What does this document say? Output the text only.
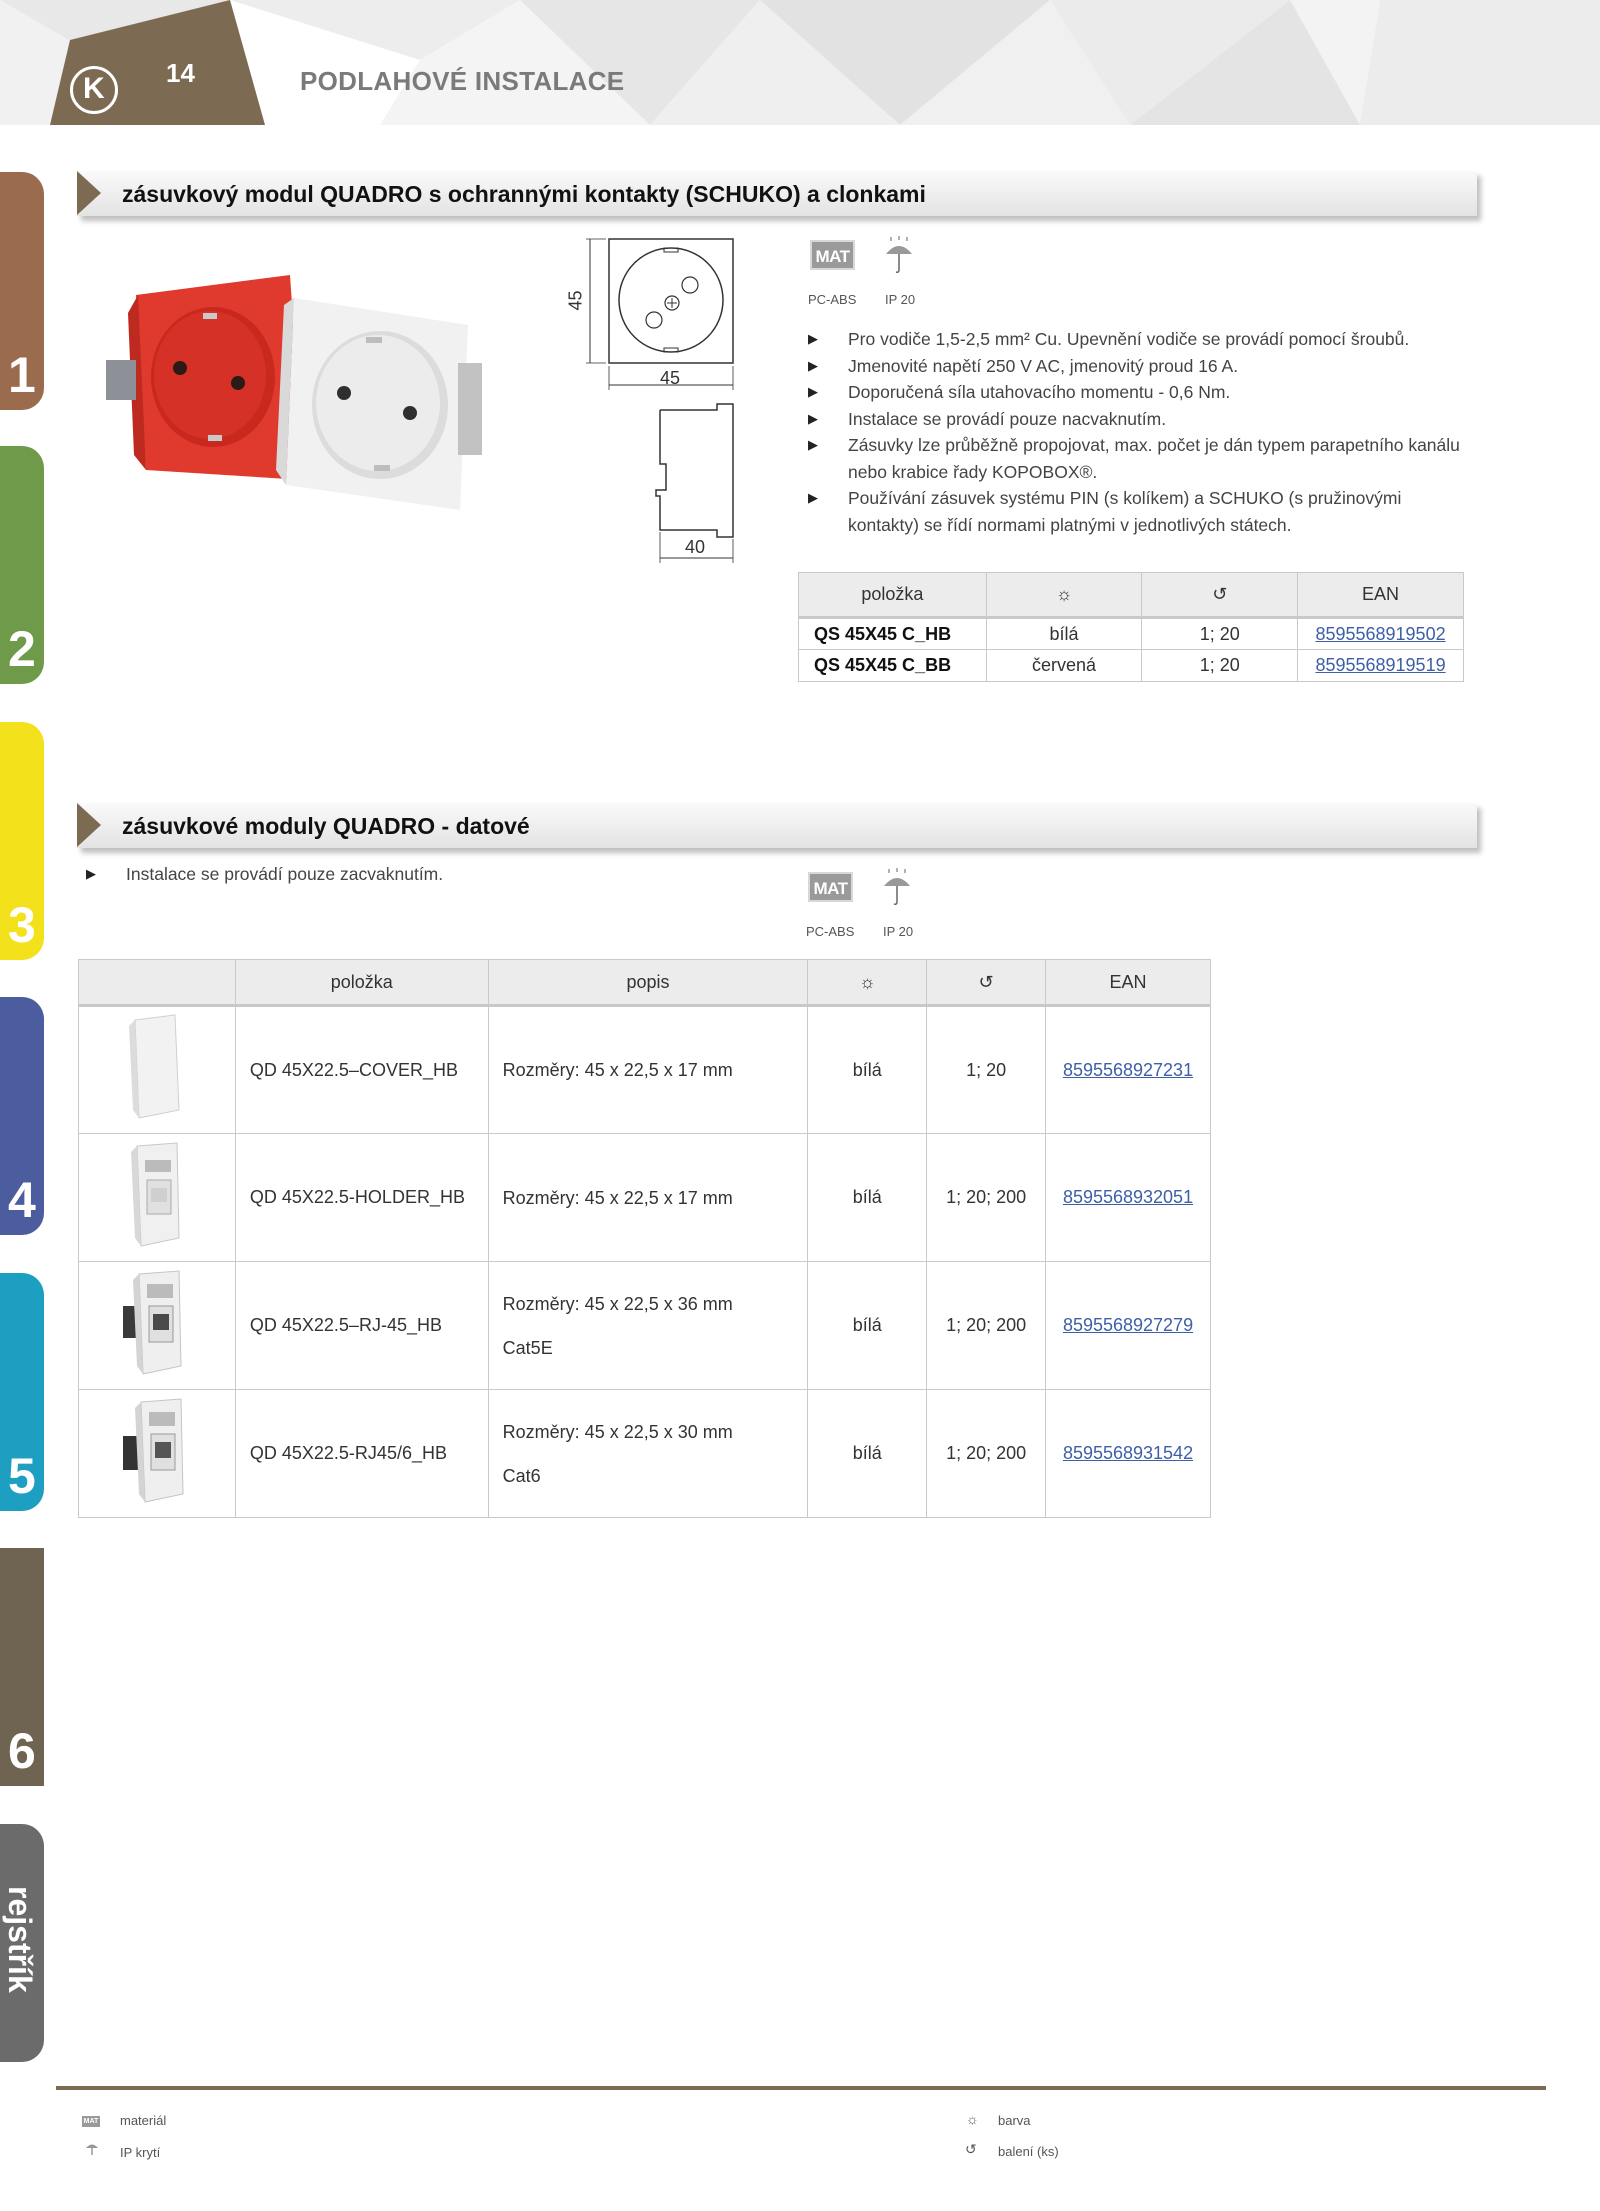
K
14	PODLAHOVÉ INSTALACE
1
2
3
4
5
6
rejstřík
zásuvkový modul QUADRO s ochrannými kontakty (SCHUKO) a clonkami
45
45
40
MAT
PC-ABS IP 20
▶ Pro vodiče 1,5-2,5 mm² Cu. Upevnění vodiče se provádí pomocí šroubů.
▶ Jmenovité napětí 250 V AC, jmenovitý proud 16 A.
▶ Doporučená síla utahovacího momentu - 0,6 Nm.
▶ Instalace se provádí pouze nacvaknutím.
▶ Zásuvky lze průběžně propojovat, max. počet je dán typem parapetního kanálu nebo krabice řady KOPOBOX®.
▶ Používání zásuvek systému PIN (s kolíkem) a SCHUKO (s pružinovými kontakty) se řídí normami platnými v jednotlivých státech.
položka	☼	↺	EAN
QS 45X45 C_HB	bílá	1; 20	8595568919502
QS 45X45 C_BB	červená	1; 20	8595568919519
zásuvkové moduly QUADRO - datové
▶ Instalace se provádí pouze zacvaknutím.
MAT
PC-ABS IP 20
	položka	popis	☼	↺	EAN
	QD 45X22.5–COVER_HB	Rozměry: 45 x 22,5 x 17 mm	bílá	1; 20	8595568927231
	QD 45X22.5-HOLDER_HB	Rozměry: 45 x 22,5 x 17 mm	bílá	1; 20; 200	8595568932051
	QD 45X22.5–RJ-45_HB	Rozměry: 45 x 22,5 x 36 mm
Cat5E	bílá	1; 20; 200	8595568927279
	QD 45X22.5-RJ45/6_HB	Rozměry: 45 x 22,5 x 30 mm
Cat6	bílá	1; 20; 200	8595568931542
MAT materiál
IP krytí
☼ barva
↺ balení (ks)
